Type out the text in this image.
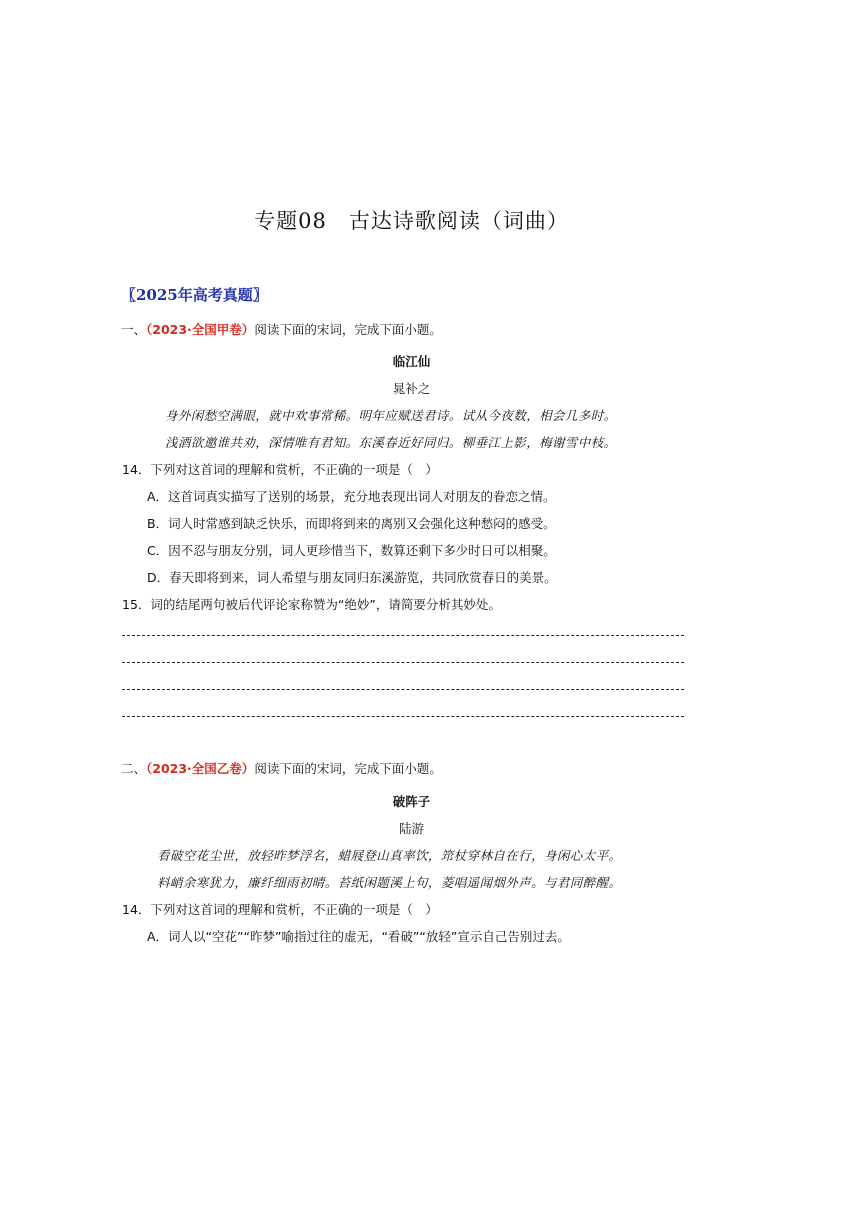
专题08　古达诗歌阅读（词曲）
〖2025年高考真题〗
一、（2023·全国甲卷）阅读下面的宋词，完成下面小题。
临江仙
晁补之
身外闲愁空满眼，就中欢事常稀。明年应赋送君诗。试从今夜数，相会几多时。
浅酒欲邀谁共劝，深情唯有君知。东溪春近好同归。柳垂江上影，梅谢雪中枝。
14．下列对这首词的理解和赏析，不正确的一项是（　）
A．这首词真实描写了送别的场景，充分地表现出词人对朋友的眷恋之情。
B．词人时常感到缺乏快乐，而即将到来的离别又会强化这种愁闷的感受。
C．因不忍与朋友分别，词人更珍惜当下，数算还剩下多少时日可以相聚。
D．春天即将到来，词人希望与朋友同归东溪游览，共同欣赏春日的美景。
15．词的结尾两句被后代评论家称赞为“绝妙”，请简要分析其妙处。
二、（2023·全国乙卷）阅读下面的宋词，完成下面小题。
破阵子
陆游
看破空花尘世，放轻昨梦浮名，蜡屐登山真率饮，筇杖穿林自在行，身闲心太平。
料峭余寒犹力，廉纤细雨初晴。苔纸闲题溪上句，菱唱遥闻烟外声。与君同醉醒。
14．下列对这首词的理解和赏析，不正确的一项是（　）
A．词人以“空花”“昨梦”喻指过往的虚无，“看破”“放轻”宣示自己告别过去。
